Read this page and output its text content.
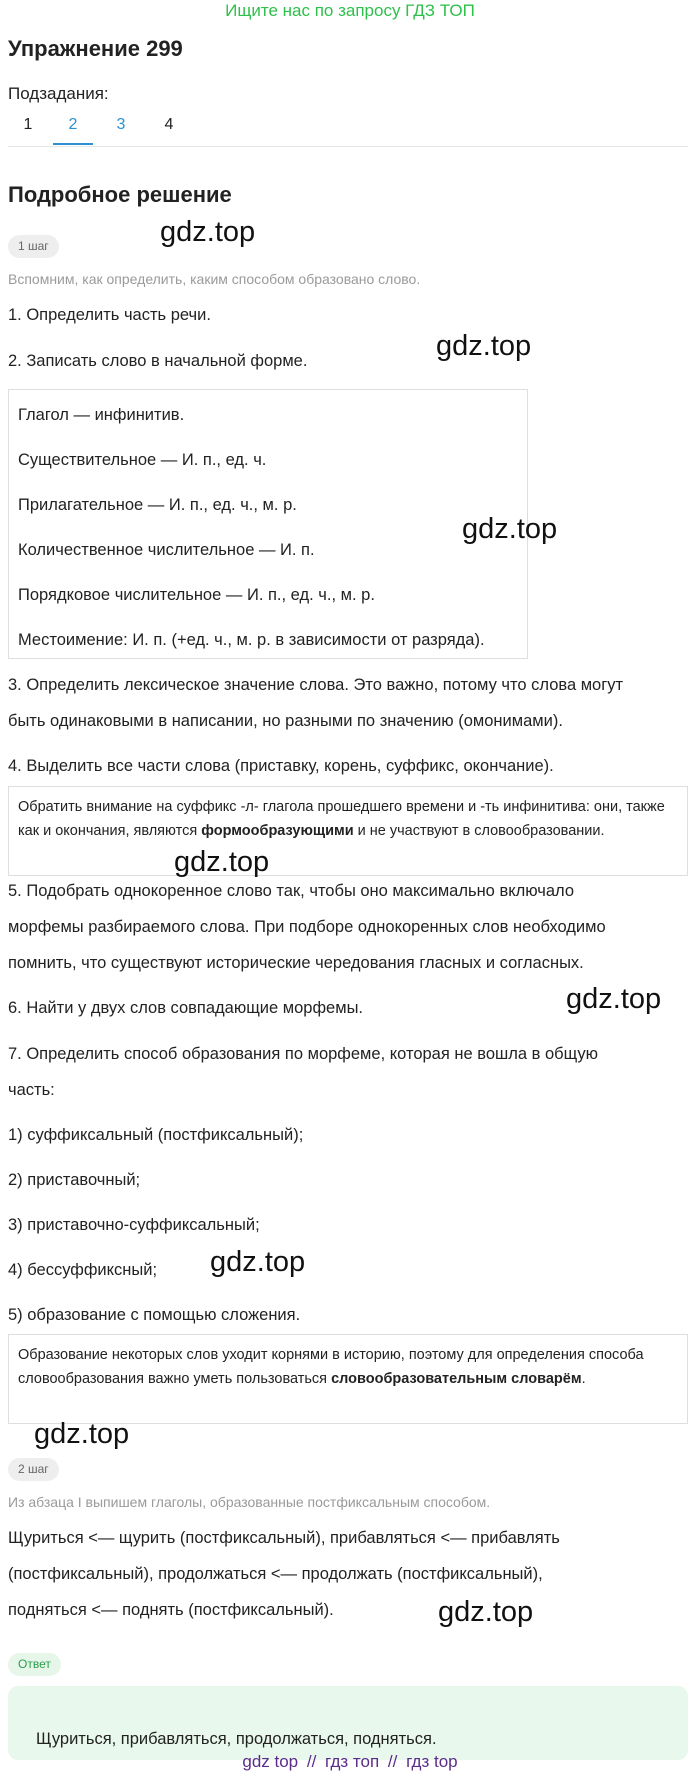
Ищите нас по запросу ГДЗ ТОП
Упражнение 299
Подзадания:
1	2	3	4
Подробное решение
1 шаг
Вспомним, как определить, каким способом образовано слово.
1. Определить часть речи.
2. Записать слово в начальной форме.
Глагол — инфинитив.
Существительное — И. п., ед. ч.
Прилагательное — И. п., ед. ч., м. р.
Количественное числительное — И. п.
Порядковое числительное — И. п., ед. ч., м. р.
Местоимение: И. п. (+ед. ч., м. р. в зависимости от разряда).
3. Определить лексическое значение слова. Это важно, потому что слова могут
быть одинаковыми в написании, но разными по значению (омонимами).
4. Выделить все части слова (приставку, корень, суффикс, окончание).
Обратить внимание на суффикс -л- глагола прошедшего времени и -ть инфинитива: они, также как и окончания, являются формообразующими и не участвуют в словообразовании.
5. Подобрать однокоренное слово так, чтобы оно максимально включало
морфемы разбираемого слова. При подборе однокоренных слов необходимо
помнить, что существуют исторические чередования гласных и согласных.
6. Найти у двух слов совпадающие морфемы.
7. Определить способ образования по морфеме, которая не вошла в общую
часть:
1) суффиксальный (постфиксальный);
2) приставочный;
3) приставочно-суффиксальный;
4) бессуффиксный;
5) образование с помощью сложения.
Образование некоторых слов уходит корнями в историю, поэтому для определения способа словообразования важно уметь пользоваться словообразовательным словарём.
2 шаг
Из абзаца I выпишем глаголы, образованные постфиксальным способом.
Щуриться <— щурить (постфиксальный), прибавляться <— прибавлять
(постфиксальный), продолжаться <— продолжать (постфиксальный),
подняться <— поднять (постфиксальный).
Ответ
Щуриться, прибавляться, продолжаться, подняться.
gdz.top
gdz.top
gdz.top
gdz.top
gdz.top
gdz.top
gdz.top
gdz.top
gdz top // гдз топ // гдз top
